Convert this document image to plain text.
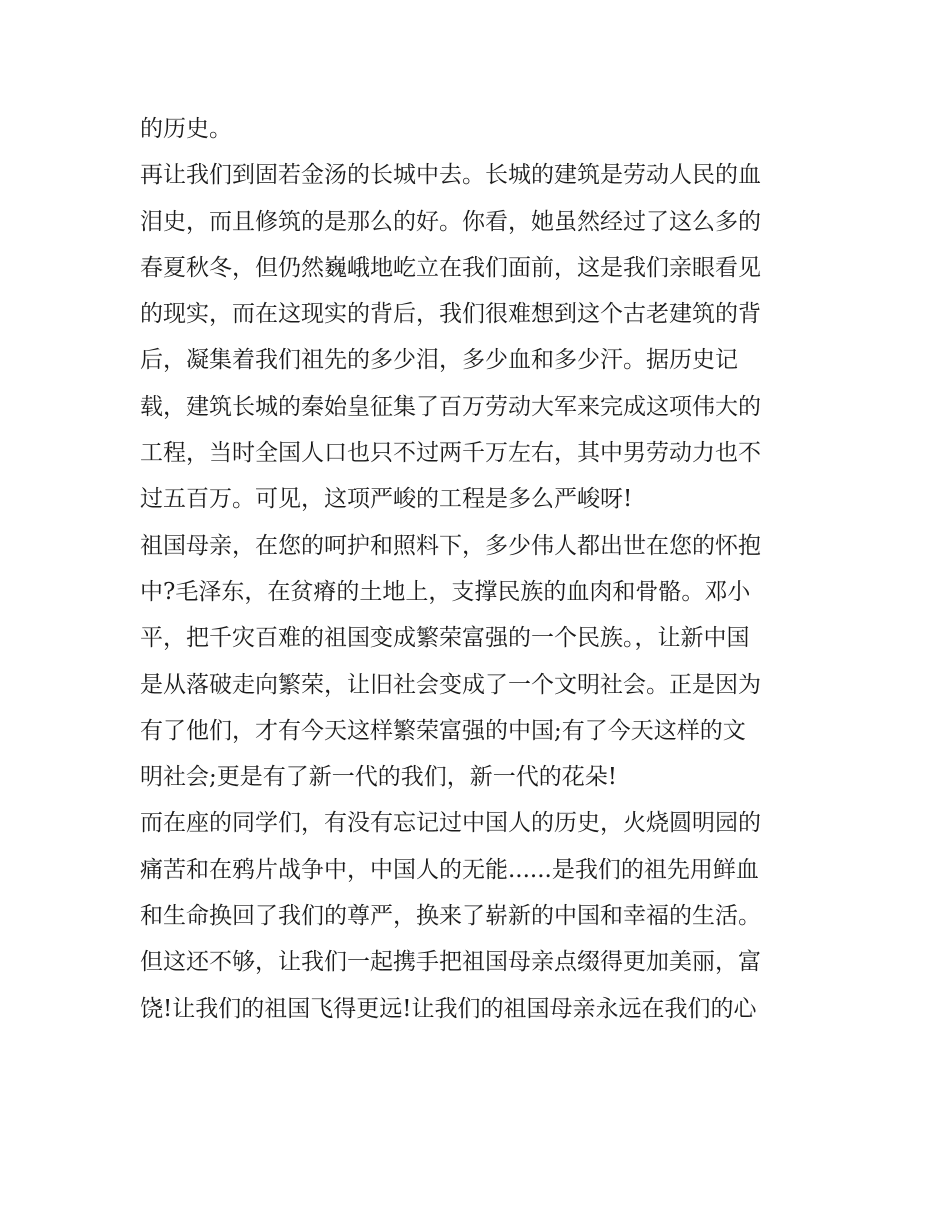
的历史。
再让我们到固若金汤的长城中去。长城的建筑是劳动人民的血
泪史，而且修筑的是那么的好。你看，她虽然经过了这么多的
春夏秋冬，但仍然巍峨地屹立在我们面前，这是我们亲眼看见
的现实，而在这现实的背后，我们很难想到这个古老建筑的背
后，凝集着我们祖先的多少泪，多少血和多少汗。据历史记
载，建筑长城的秦始皇征集了百万劳动大军来完成这项伟大的
工程，当时全国人口也只不过两千万左右，其中男劳动力也不
过五百万。可见，这项严峻的工程是多么严峻呀!
祖国母亲，在您的呵护和照料下，多少伟人都出世在您的怀抱
中?毛泽东，在贫瘠的土地上，支撑民族的血肉和骨骼。邓小
平，把千灾百难的祖国变成繁荣富强的一个民族。，让新中国
是从落破走向繁荣，让旧社会变成了一个文明社会。正是因为
有了他们，才有今天这样繁荣富强的中国;有了今天这样的文
明社会;更是有了新一代的我们，新一代的花朵!
而在座的同学们，有没有忘记过中国人的历史，火烧圆明园的
痛苦和在鸦片战争中，中国人的无能......是我们的祖先用鲜血
和生命换回了我们的尊严，换来了崭新的中国和幸福的生活。
但这还不够，让我们一起携手把祖国母亲点缀得更加美丽，富
饶!让我们的祖国飞得更远!让我们的祖国母亲永远在我们的心
